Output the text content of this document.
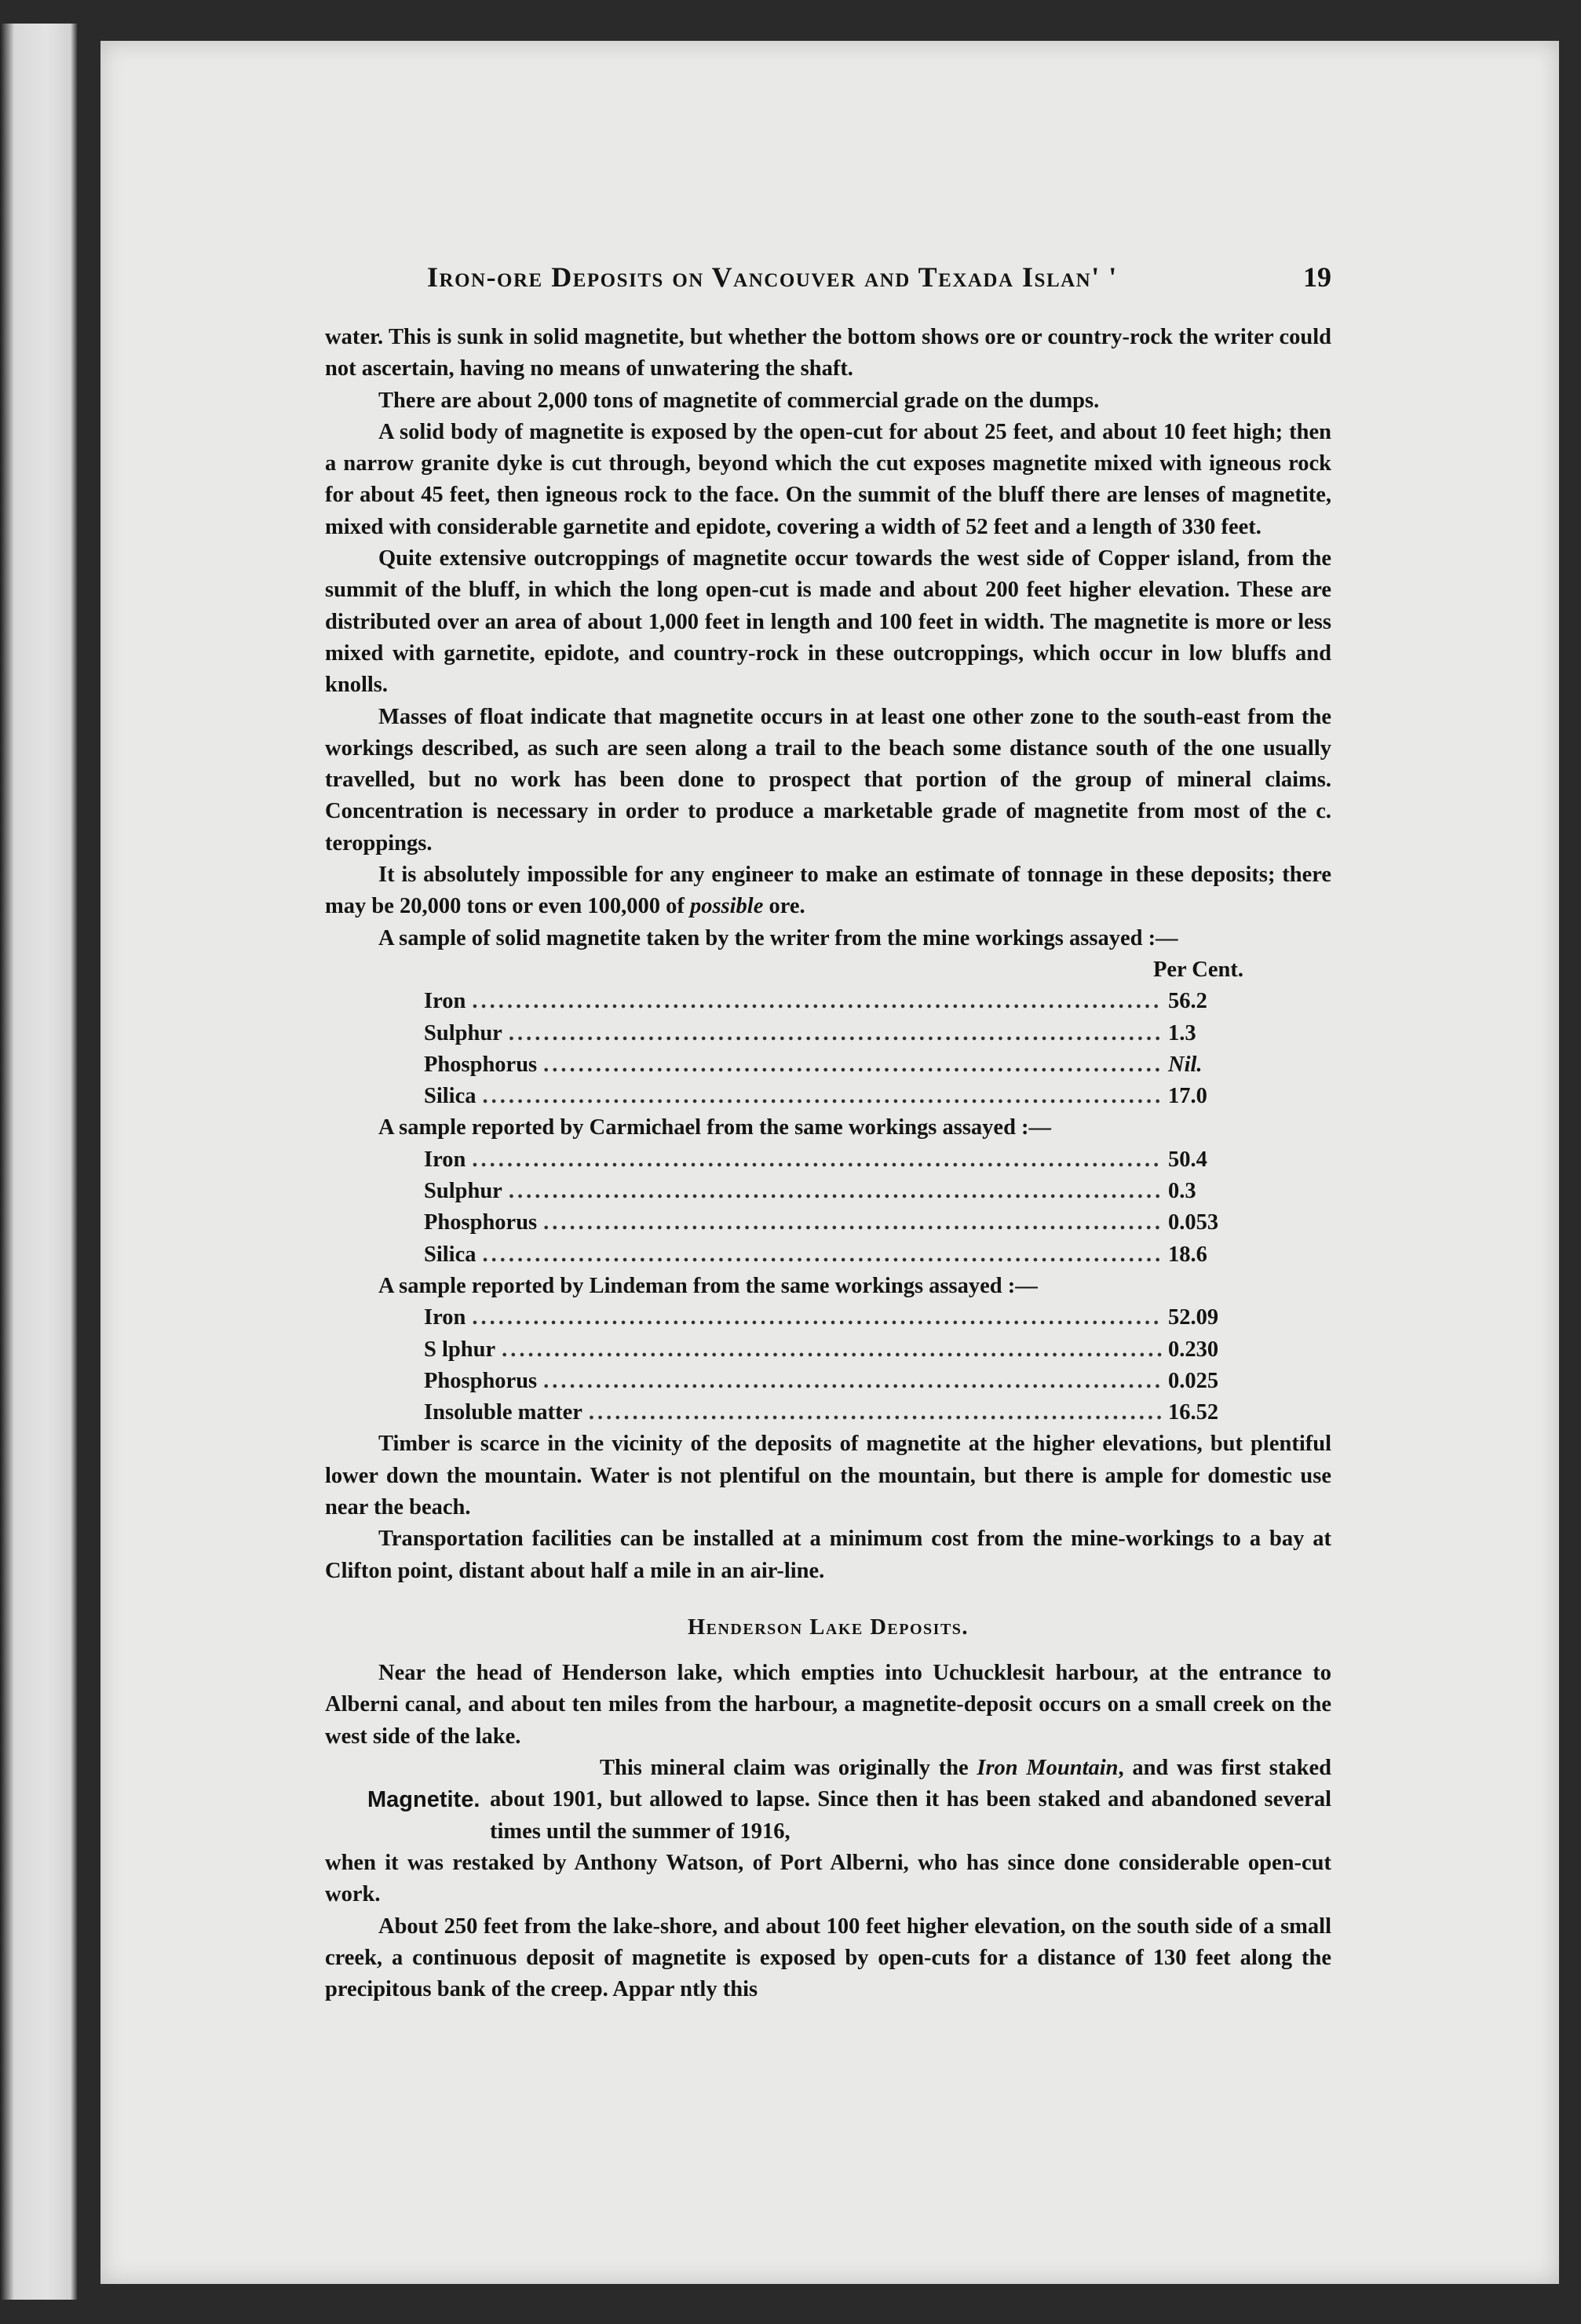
Iron-ore Deposits on Vancouver and Texada Islan' '	19

water. This is sunk in solid magnetite, but whether the bottom shows ore or country-rock the writer could not ascertain, having no means of unwatering the shaft.

There are about 2,000 tons of magnetite of commercial grade on the dumps.

A solid body of magnetite is exposed by the open-cut for about 25 feet, and about 10 feet high; then a narrow granite dyke is cut through, beyond which the cut exposes magnetite mixed with igneous rock for about 45 feet, then igneous rock to the face. On the summit of the bluff there are lenses of magnetite, mixed with considerable garnetite and epidote, covering a width of 52 feet and a length of 330 feet.

Quite extensive outcroppings of magnetite occur towards the west side of Copper island, from the summit of the bluff, in which the long open-cut is made and about 200 feet higher elevation. These are distributed over an area of about 1,000 feet in length and 100 feet in width. The magnetite is more or less mixed with garnetite, epidote, and country-rock in these outcroppings, which occur in low bluffs and knolls.

Masses of float indicate that magnetite occurs in at least one other zone to the south-east from the workings described, as such are seen along a trail to the beach some distance south of the one usually travelled, but no work has been done to prospect that portion of the group of mineral claims. Concentration is necessary in order to produce a marketable grade of magnetite from most of the c. teroppings.

It is absolutely impossible for any engineer to make an estimate of tonnage in these deposits; there may be 20,000 tons or even 100,000 of possible ore.

A sample of solid magnetite taken by the writer from the mine workings assayed :—

Per Cent.
Iron .....	56.2
Sulphur .....	1.3
Phosphorus .....	Nil.
Silica .....	17.0

A sample reported by Carmichael from the same workings assayed :—

Iron .....	50.4
Sulphur .....	0.3
Phosphorus .....	0.053
Silica .....	18.6

A sample reported by Lindeman from the same workings assayed :—

Iron .....	52.09
S lphur .....	0.230
Phosphorus .....	0.025
Insoluble matter .....	16.52

Timber is scarce in the vicinity of the deposits of magnetite at the higher elevations, but plentiful lower down the mountain. Water is not plentiful on the mountain, but there is ample for domestic use near the beach.

Transportation facilities can be installed at a minimum cost from the mine-workings to a bay at Clifton point, distant about half a mile in an air-line.

Henderson Lake Deposits.

Near the head of Henderson lake, which empties into Uchucklesit harbour, at the entrance to Alberni canal, and about ten miles from the harbour, a magnetite-deposit occurs on a small creek on the west side of the lake.

Magnetite.

This mineral claim was originally the Iron Mountain, and was first staked about 1901, but allowed to lapse. Since then it has been staked and abandoned several times until the summer of 1916,

when it was restaked by Anthony Watson, of Port Alberni, who has since done considerable open-cut work.

About 250 feet from the lake-shore, and about 100 feet higher elevation, on the south side of a small creek, a continuous deposit of magnetite is exposed by open-cuts for a distance of 130 feet along the precipitous bank of the creep. Appar ntly this
